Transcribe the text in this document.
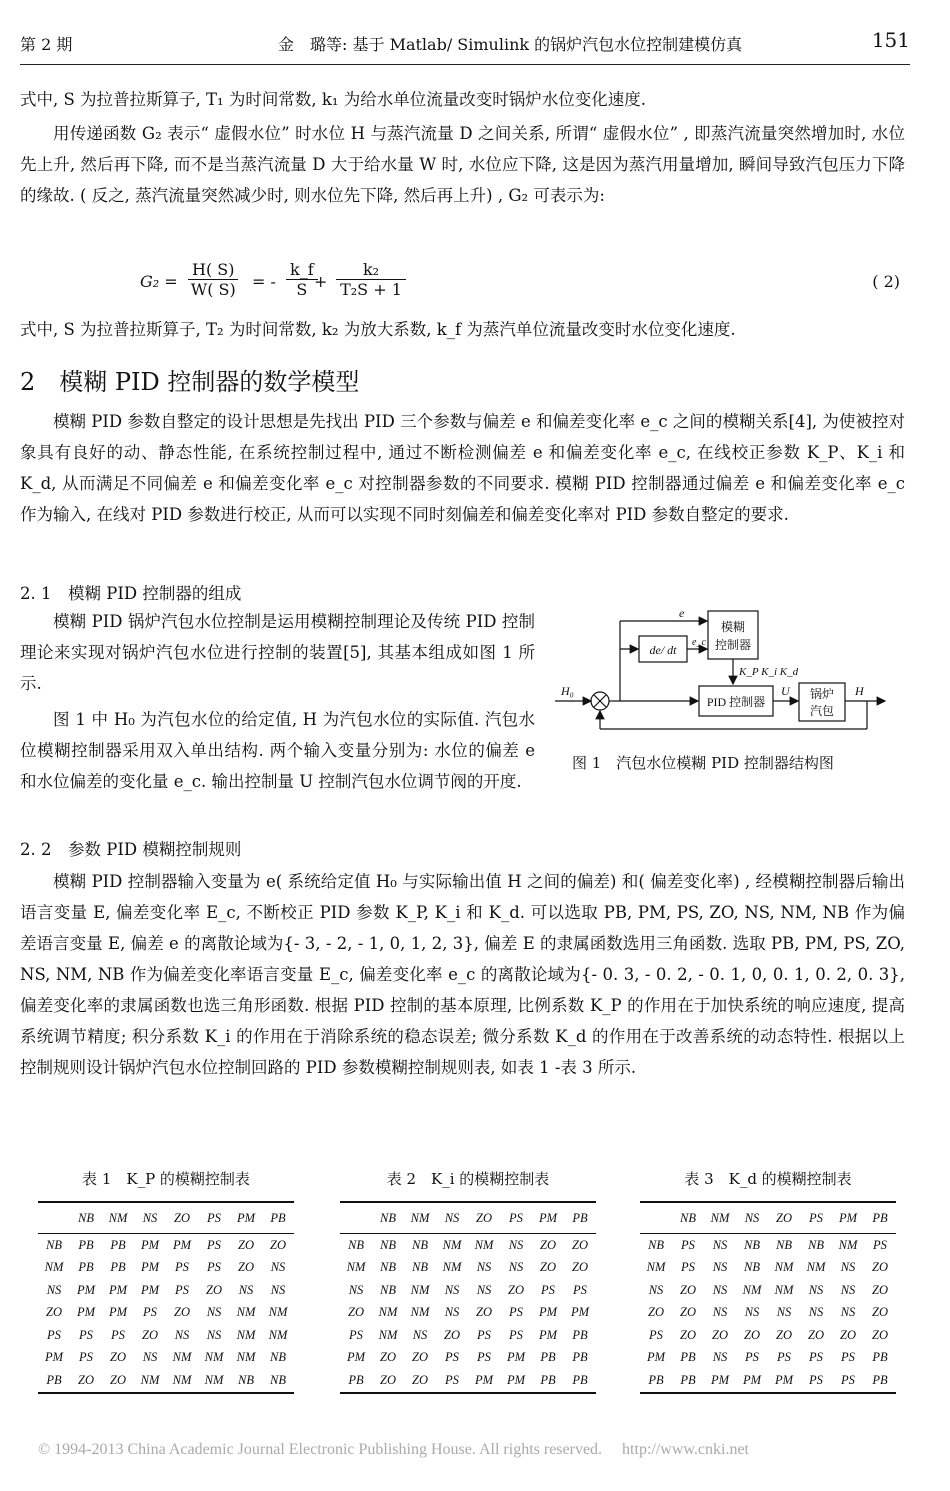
第 2 期	金　璐等: 基于 Matlab/ Simulink 的锅炉汽包水位控制建模仿真	151
式中, S 为拉普拉斯算子, T₁ 为时间常数, k₁ 为给水单位流量改变时锅炉水位变化速度.
用传递函数 G₂ 表示“ 虚假水位” 时水位 H 与蒸汽流量 D 之间关系, 所谓“ 虚假水位” , 即蒸汽流量突然增加时, 水位先上升, 然后再下降, 而不是当蒸汽流量 D 大于给水量 W 时, 水位应下降, 这是因为蒸汽用量增加, 瞬间导致汽包压力下降的缘故. ( 反之, 蒸汽流量突然减少时, 则水位先下降, 然后再上升) , G₂ 可表示为:
$G_2 = \frac{H( S)}{W( S)}$ = - $\frac{k\_f}{S}$
+ $\frac{\text{k₂}}{\text{T₂S + 1}}$	( 2)
式中, S 为拉普拉斯算子, T₂ 为时间常数, k₂ 为放大系数, k_f 为蒸汽单位流量改变时水位变化速度.
2　模糊 PID 控制器的数学模型
模糊 PID 参数自整定的设计思想是先找出 PID 三个参数与偏差 e 和偏差变化率 e_c 之间的模糊关系[4], 为使被控对象具有良好的动、静态性能, 在系统控制过程中, 通过不断检测偏差 e 和偏差变化率 e_c, 在线校正参数 K_P、K_i 和 K_d, 从而满足不同偏差 e 和偏差变化率 e_c 对控制器参数的不同要求. 模糊 PID 控制器通过偏差 e 和偏差变化率 e_c 作为输入, 在线对 PID 参数进行校正, 从而可以实现不同时刻偏差和偏差变化率对 PID 参数自整定的要求.
2. 1　模糊 PID 控制器的组成
模糊 PID 锅炉汽包水位控制是运用模糊控制理论及传统 PID 控制理论来实现对锅炉汽包水位进行控制的装置[5], 其基本组成如图 1 所示.
图 1 中 H₀ 为汽包水位的给定值, H 为汽包水位的实际值. 汽包水位模糊控制器采用双入单出结构. 两个输入变量分别为: 水位的偏差 e 和水位偏差的变化量 e_c. 输出控制量 U 控制汽包水位调节阀的开度.
e
e_c
de/ dt
模糊
控制器
K_P K_i K_d
PID 控制器
U 锅炉
汽包
H
H₀
图 1　汽包水位模糊 PID 控制器结构图
2. 2　参数 PID 模糊控制规则
模糊 PID 控制器输入变量为 e( 系统给定值 H₀ 与实际输出值 H 之间的偏差) 和( 偏差变化率) , 经模糊控制器后输出语言变量 E, 偏差变化率 E_c, 不断校正 PID 参数 K_P, K_i 和 K_d. 可以选取 PB, PM, PS, ZO, NS, NM, NB 作为偏差语言变量 E, 偏差 e 的离散论域为{- 3, - 2, - 1, 0, 1, 2, 3}, 偏差 E 的隶属函数选用三角函数. 选取 PB, PM, PS, ZO, NS, NM, NB 作为偏差变化率语言变量 E_c, 偏差变化率 e_c 的离散论域为{- 0. 3, - 0. 2, - 0. 1, 0, 0. 1, 0. 2, 0. 3}, 偏差变化率的隶属函数也选三角形函数. 根据 PID 控制的基本原理, 比例系数 K_P 的作用在于加快系统的响应速度, 提高系统调节精度; 积分系数 K_i 的作用在于消除系统的稳态误差; 微分系数 K_d 的作用在于改善系统的动态特性. 根据以上控制规则设计锅炉汽包水位控制回路的 PID 参数模糊控制规则表, 如表 1 -表 3 所示.
表 1　K_P 的模糊控制表
	NB	NM	NS	ZO	PS	PM	PB
NB	PB	PB	PM	PM	PS	ZO	ZO
NM	PB	PB	PM	PS	PS	ZO	NS
NS	PM	PM	PM	PS	ZO	NS	NS
ZO	PM	PM	PS	ZO	NS	NM	NM
PS	PS	PS	ZO	NS	NS	NM	NM
PM	PS	ZO	NS	NM	NM	NM	NB
PB	ZO	ZO	NM	NM	NM	NB	NB
表 2　K_i 的模糊控制表
	NB	NM	NS	ZO	PS	PM	PB
NB	NB	NB	NM	NM	NS	ZO	ZO
NM	NB	NB	NM	NS	NS	ZO	ZO
NS	NB	NM	NS	NS	ZO	PS	PS
ZO	NM	NM	NS	ZO	PS	PM	PM
PS	NM	NS	ZO	PS	PS	PM	PB
PM	ZO	ZO	PS	PS	PM	PB	PB
PB	ZO	ZO	PS	PM	PM	PB	PB
表 3　K_d 的模糊控制表
	NB	NM	NS	ZO	PS	PM	PB
NB	PS	NS	NB	NB	NB	NM	PS
NM	PS	NS	NB	NM	NM	NS	ZO
NS	ZO	NS	NM	NM	NS	NS	ZO
ZO	ZO	NS	NS	NS	NS	NS	ZO
PS	ZO	ZO	ZO	ZO	ZO	ZO	ZO
PM	PB	NS	PS	PS	PS	PS	PB
PB	PB	PM	PM	PM	PS	PS	PB
© 1994-2013 China Academic Journal Electronic Publishing House. All rights reserved.　 http://www.cnki.net
